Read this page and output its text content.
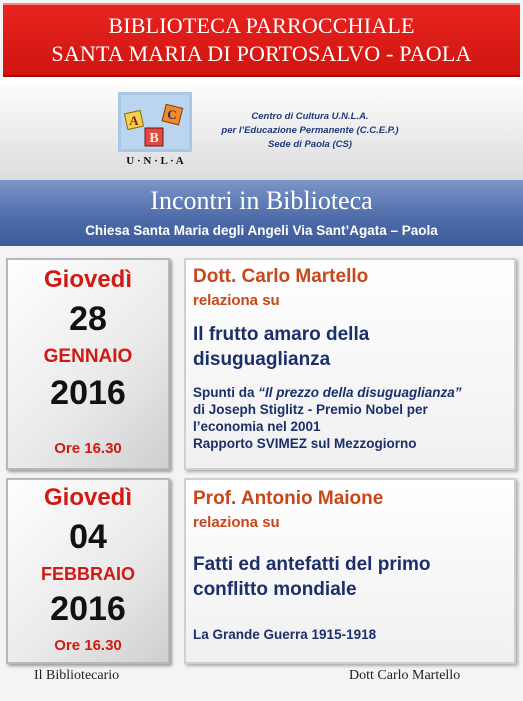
BIBLIOTECA PARROCCHIALE
SANTA MARIA DI PORTOSALVO - PAOLA
A
B
C
U · N · L · A
Centro di Cultura U.N.L.A.
per l’Educazione Permanente (C.C.E.P.)
Sede di Paola (CS)
Incontri in Biblioteca
Chiesa Santa Maria degli Angeli Via Sant’Agata – Paola
Giovedì
28
GENNAIO
2016
Ore 16.30
Dott. Carlo Martello
relaziona su
Il frutto amaro della
disuguaglianza
Spunti da “Il prezzo della disuguaglianza”
di Joseph Stiglitz - Premio Nobel per
l’economia nel 2001
Rapporto SVIMEZ sul Mezzogiorno
Giovedì
04
FEBBRAIO
2016
Ore 16.30
Prof. Antonio Maione
relaziona su
Fatti ed antefatti del primo
conflitto mondiale
La Grande Guerra 1915-1918
Il Bibliotecario	Dott Carlo Martello
